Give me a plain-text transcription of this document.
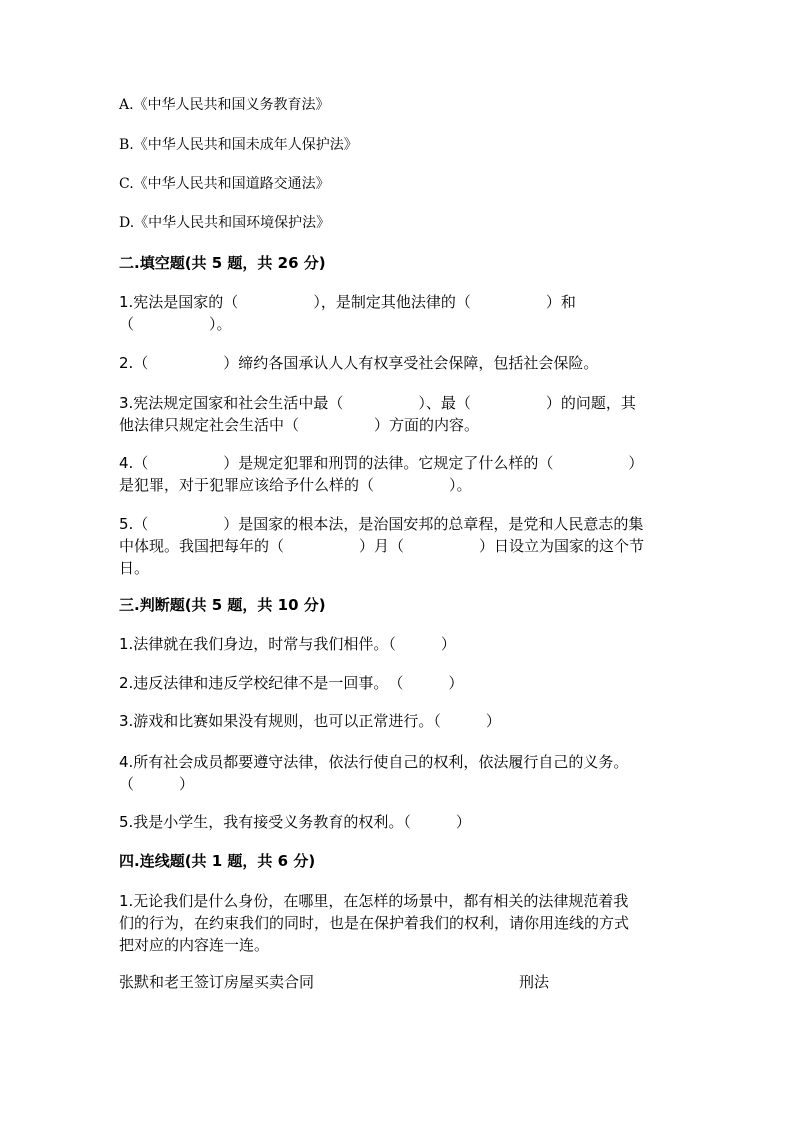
A.《中华人民共和国义务教育法》
B.《中华人民共和国未成年人保护法》
C.《中华人民共和国道路交通法》
D.《中华人民共和国环境保护法》
二.填空题(共 5 题，共 26 分)
1.宪法是国家的（　　　　　），是制定其他法律的（　　　　　）和
（　　　　　）。
2.（　　　　　）缔约各国承认人人有权享受社会保障，包括社会保险。
3.宪法规定国家和社会生活中最（　　　　　）、最（　　　　　）的问题，其
他法律只规定社会生活中（　　　　　）方面的内容。
4.（　　　　　）是规定犯罪和刑罚的法律。它规定了什么样的（　　　　　）
是犯罪，对于犯罪应该给予什么样的（　　　　　）。
5.（　　　　　）是国家的根本法，是治国安邦的总章程，是党和人民意志的集
中体现。我国把每年的（　　　　　）月（　　　　　）日设立为国家的这个节
日。
三.判断题(共 5 题，共 10 分)
1.法律就在我们身边，时常与我们相伴。（　　　）
2.违反法律和违反学校纪律不是一回事。　（　　　）
3.游戏和比赛如果没有规则，也可以正常进行。（　　　）
4.所有社会成员都要遵守法律，依法行使自己的权利，依法履行自己的义务。
（　　　）
5.我是小学生，我有接受义务教育的权利。（　　　）
四.连线题(共 1 题，共 6 分)
1.无论我们是什么身份，在哪里，在怎样的场景中，都有相关的法律规范着我
们的行为，在约束我们的同时，也是在保护着我们的权利，请你用连线的方式
把对应的内容连一连。
张默和老王签订房屋买卖合同	刑法
